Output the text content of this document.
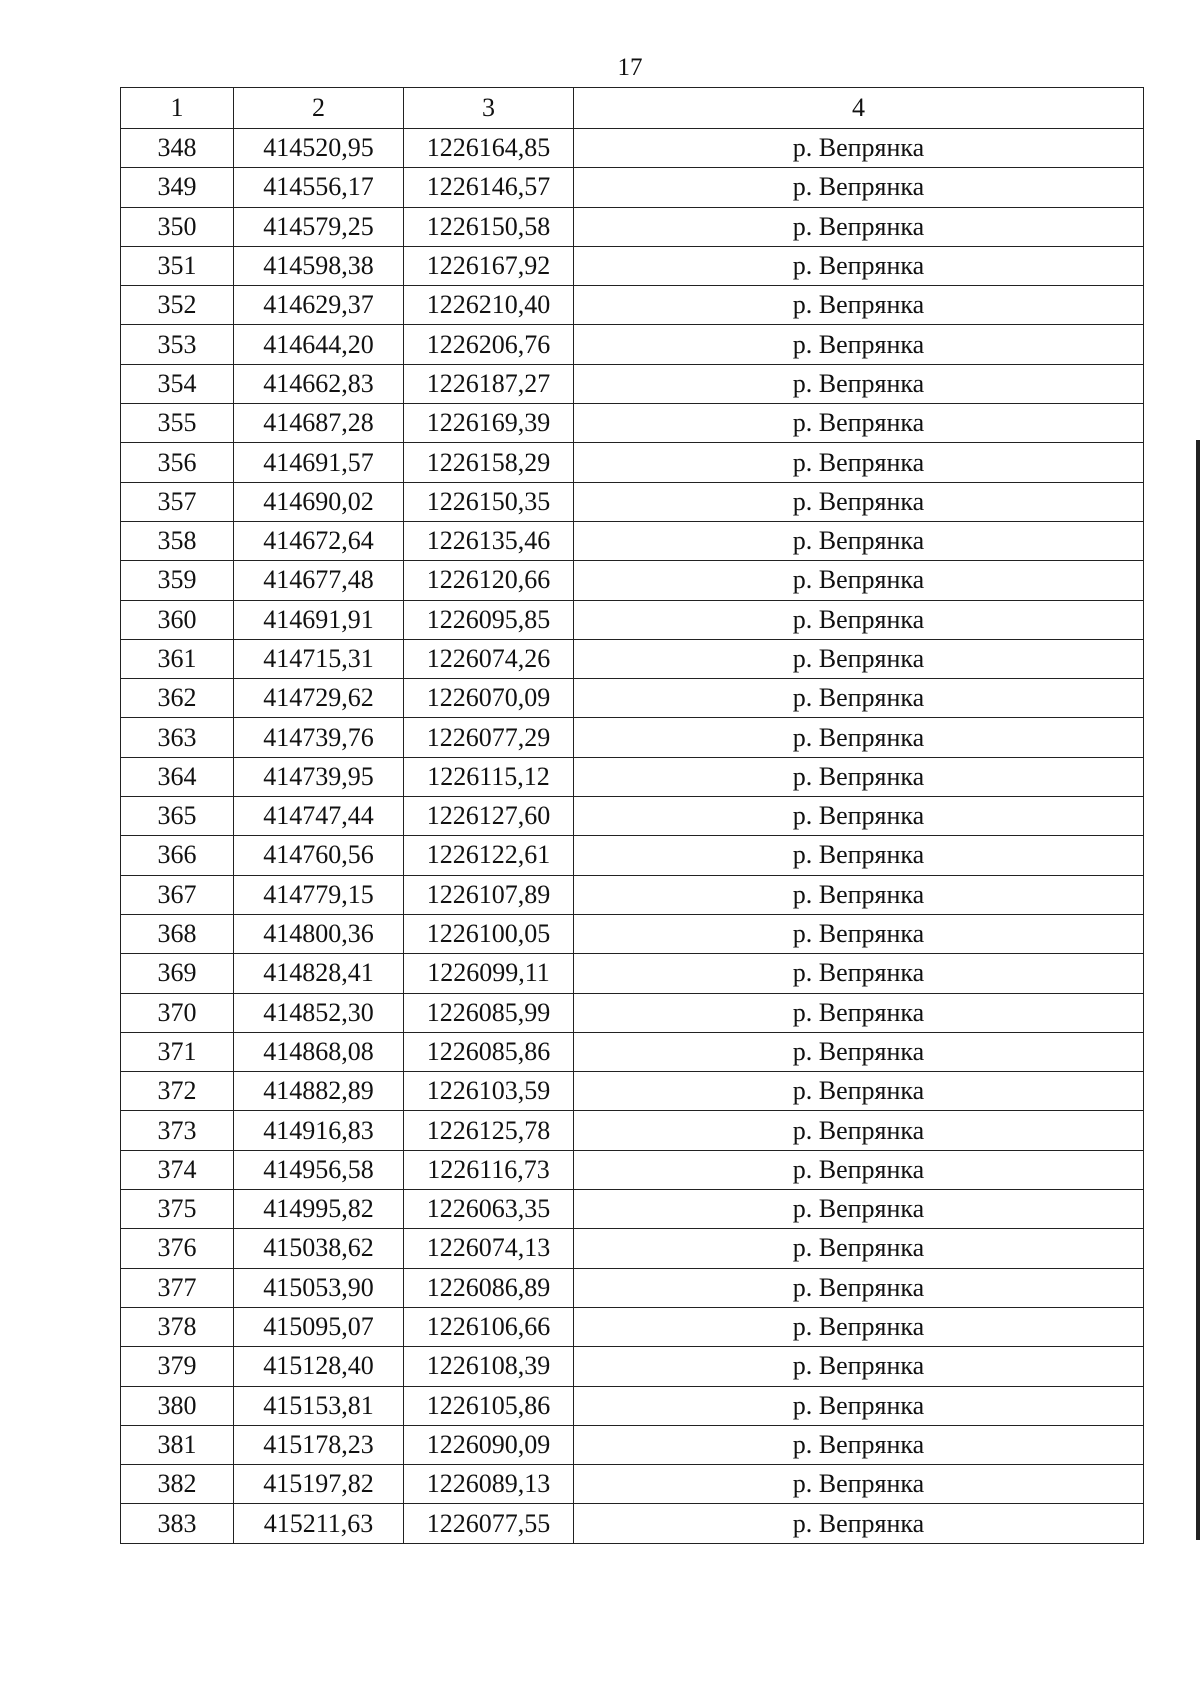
17
1	2	3	4
348	414520,95	1226164,85	р. Вепрянка
349	414556,17	1226146,57	р. Вепрянка
350	414579,25	1226150,58	р. Вепрянка
351	414598,38	1226167,92	р. Вепрянка
352	414629,37	1226210,40	р. Вепрянка
353	414644,20	1226206,76	р. Вепрянка
354	414662,83	1226187,27	р. Вепрянка
355	414687,28	1226169,39	р. Вепрянка
356	414691,57	1226158,29	р. Вепрянка
357	414690,02	1226150,35	р. Вепрянка
358	414672,64	1226135,46	р. Вепрянка
359	414677,48	1226120,66	р. Вепрянка
360	414691,91	1226095,85	р. Вепрянка
361	414715,31	1226074,26	р. Вепрянка
362	414729,62	1226070,09	р. Вепрянка
363	414739,76	1226077,29	р. Вепрянка
364	414739,95	1226115,12	р. Вепрянка
365	414747,44	1226127,60	р. Вепрянка
366	414760,56	1226122,61	р. Вепрянка
367	414779,15	1226107,89	р. Вепрянка
368	414800,36	1226100,05	р. Вепрянка
369	414828,41	1226099,11	р. Вепрянка
370	414852,30	1226085,99	р. Вепрянка
371	414868,08	1226085,86	р. Вепрянка
372	414882,89	1226103,59	р. Вепрянка
373	414916,83	1226125,78	р. Вепрянка
374	414956,58	1226116,73	р. Вепрянка
375	414995,82	1226063,35	р. Вепрянка
376	415038,62	1226074,13	р. Вепрянка
377	415053,90	1226086,89	р. Вепрянка
378	415095,07	1226106,66	р. Вепрянка
379	415128,40	1226108,39	р. Вепрянка
380	415153,81	1226105,86	р. Вепрянка
381	415178,23	1226090,09	р. Вепрянка
382	415197,82	1226089,13	р. Вепрянка
383	415211,63	1226077,55	р. Вепрянка
